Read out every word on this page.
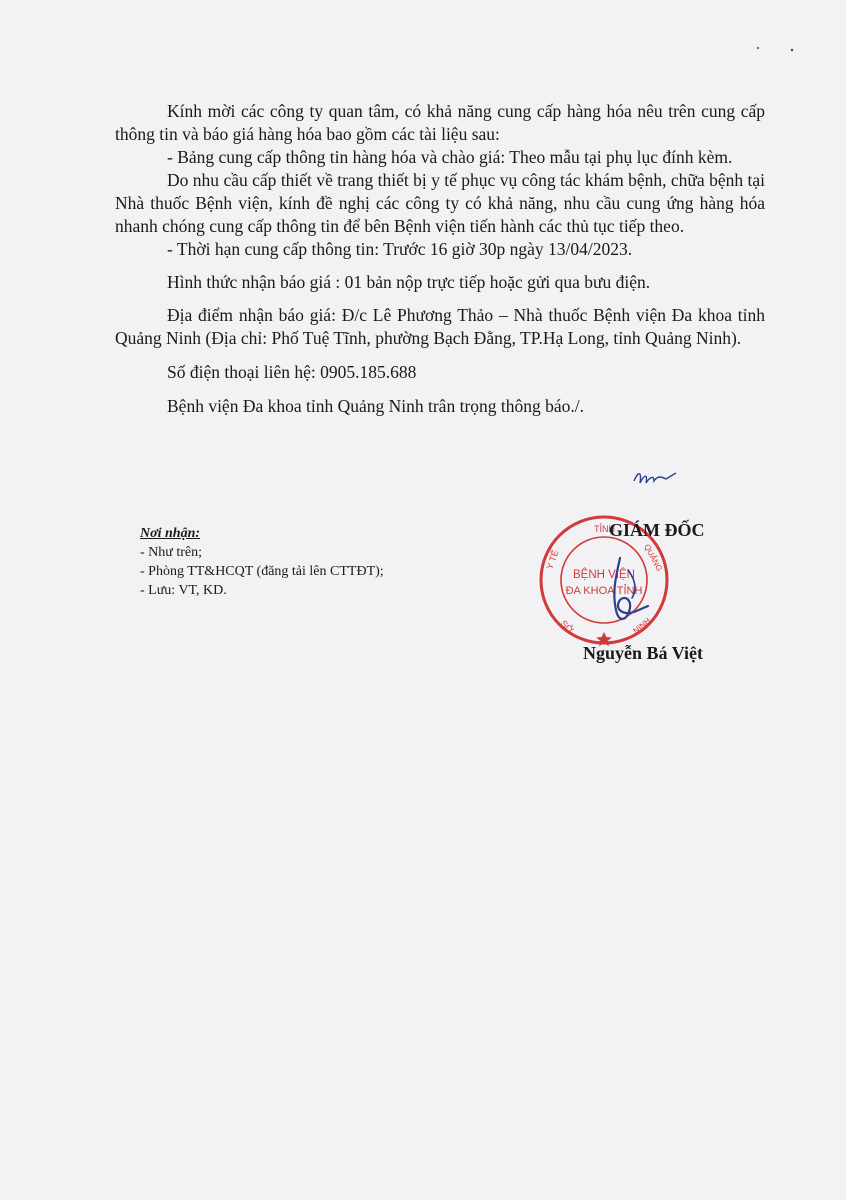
Kính mời các công ty quan tâm, có khả năng cung cấp hàng hóa nêu trên cung cấp thông tin và báo giá hàng hóa bao gồm các tài liệu sau:

- Bảng cung cấp thông tin hàng hóa và chào giá: Theo mẫu tại phụ lục đính kèm.

Do nhu cầu cấp thiết về trang thiết bị y tế phục vụ công tác khám bệnh, chữa bệnh tại Nhà thuốc Bệnh viện, kính đề nghị các công ty có khả năng, nhu cầu cung ứng hàng hóa nhanh chóng cung cấp thông tin để bên Bệnh viện tiến hành các thủ tục tiếp theo.

- Thời hạn cung cấp thông tin: Trước 16 giờ 30p ngày 13/04/2023.

Hình thức nhận báo giá : 01 bản nộp trực tiếp hoặc gửi qua bưu điện.

Địa điểm nhận báo giá: Đ/c Lê Phương Thảo – Nhà thuốc Bệnh viện Đa khoa tỉnh Quảng Ninh (Địa chỉ: Phố Tuệ Tĩnh, phường Bạch Đằng, TP.Hạ Long, tỉnh Quảng Ninh).

Số điện thoại liên hệ: 0905.185.688

Bệnh viện Đa khoa tỉnh Quảng Ninh trân trọng thông báo./.

Nơi nhận:
- Như trên;
- Phòng TT&HCQT (đăng tải lên CTTĐT);
- Lưu: VT, KD.
Y TẾ
TỈNH
QUẢNG
SỞ	NINH
BỆNH VIỆN
ĐA KHOA TỈNH
GIÁM ĐỐC
Nguyễn Bá Việt
